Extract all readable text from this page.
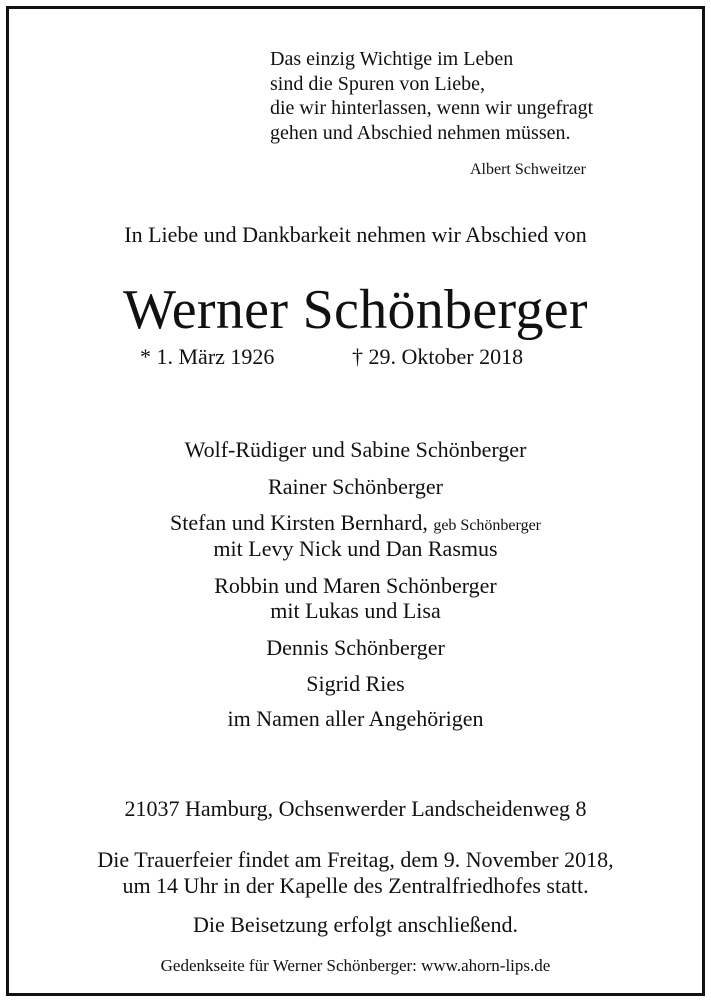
Das einzig Wichtige im Leben
sind die Spuren von Liebe,
die wir hinterlassen, wenn wir ungefragt
gehen und Abschied nehmen müssen.
Albert Schweitzer
In Liebe und Dankbarkeit nehmen wir Abschied von
Werner Schönberger
* 1. März 1926	† 29. Oktober 2018
Wolf-Rüdiger und Sabine Schönberger
Rainer Schönberger
Stefan und Kirsten Bernhard, geb Schönberger
mit Levy Nick und Dan Rasmus
Robbin und Maren Schönberger
mit Lukas und Lisa
Dennis Schönberger
Sigrid Ries
im Namen aller Angehörigen
21037 Hamburg, Ochsenwerder Landscheidenweg 8
Die Trauerfeier findet am Freitag, dem 9. November 2018,
um 14 Uhr in der Kapelle des Zentralfriedhofes statt.
Die Beisetzung erfolgt anschließend.
Gedenkseite für Werner Schönberger: www.ahorn-lips.de
